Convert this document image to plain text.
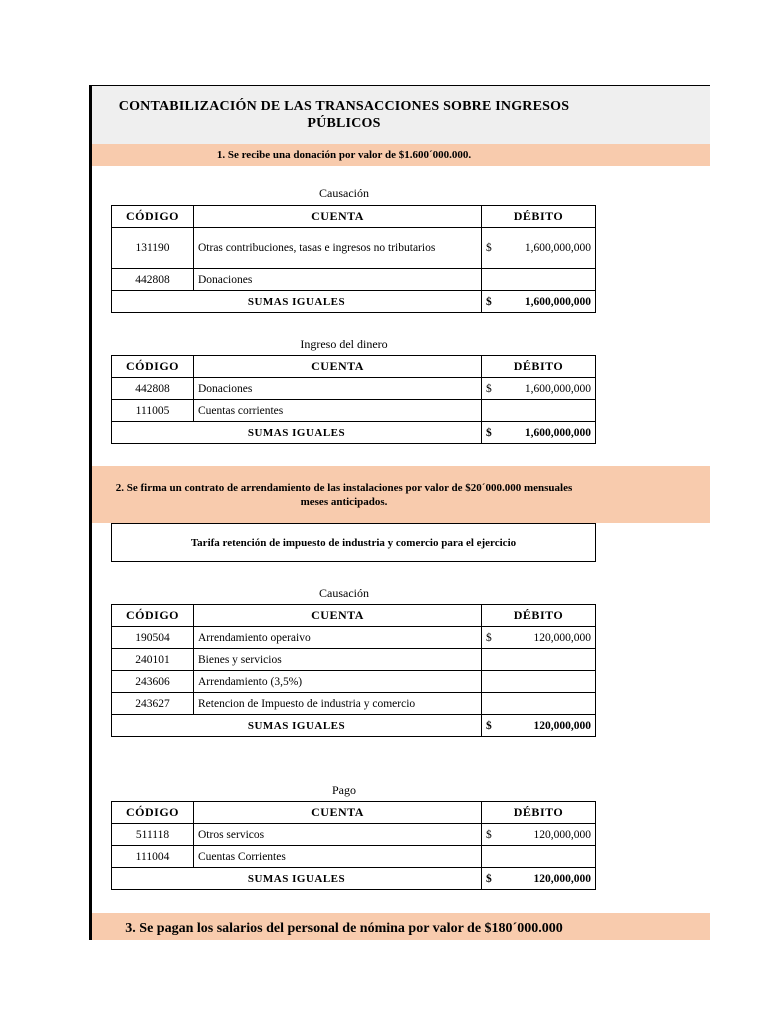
CONTABILIZACIÓN DE LAS TRANSACCIONES SOBRE INGRESOS
PÚBLICOS
1. Se recibe una donación por valor de $1.600´000.000.
Causación
CÓDIGO	CUENTA	DÉBITO
131190	Otras contribuciones, tasas e ingresos no tributarios	$ 1,600,000,000
442808	Donaciones	
SUMAS IGUALES		$ 1,600,000,000
Ingreso del dinero
CÓDIGO	CUENTA	DÉBITO
442808	Donaciones	$ 1,600,000,000
111005	Cuentas corrientes	
SUMAS IGUALES		$ 1,600,000,000
2. Se firma un contrato de arrendamiento de las instalaciones por valor de $20´000.000 mensuales
meses anticipados.
Tarifa retención de impuesto de industria y comercio para el ejercicio
Causación
CÓDIGO	CUENTA	DÉBITO
190504	Arrendamiento operaivo	$ 120,000,000
240101	Bienes y servicios	
243606	Arrendamiento (3,5%)	
243627	Retencion de Impuesto de industria y comercio	
SUMAS IGUALES		$ 120,000,000
Pago
CÓDIGO	CUENTA	DÉBITO
511118	Otros servicos	$ 120,000,000
111004	Cuentas Corrientes	
SUMAS IGUALES		$ 120,000,000
3. Se pagan los salarios del personal de nómina por valor de $180´000.000
